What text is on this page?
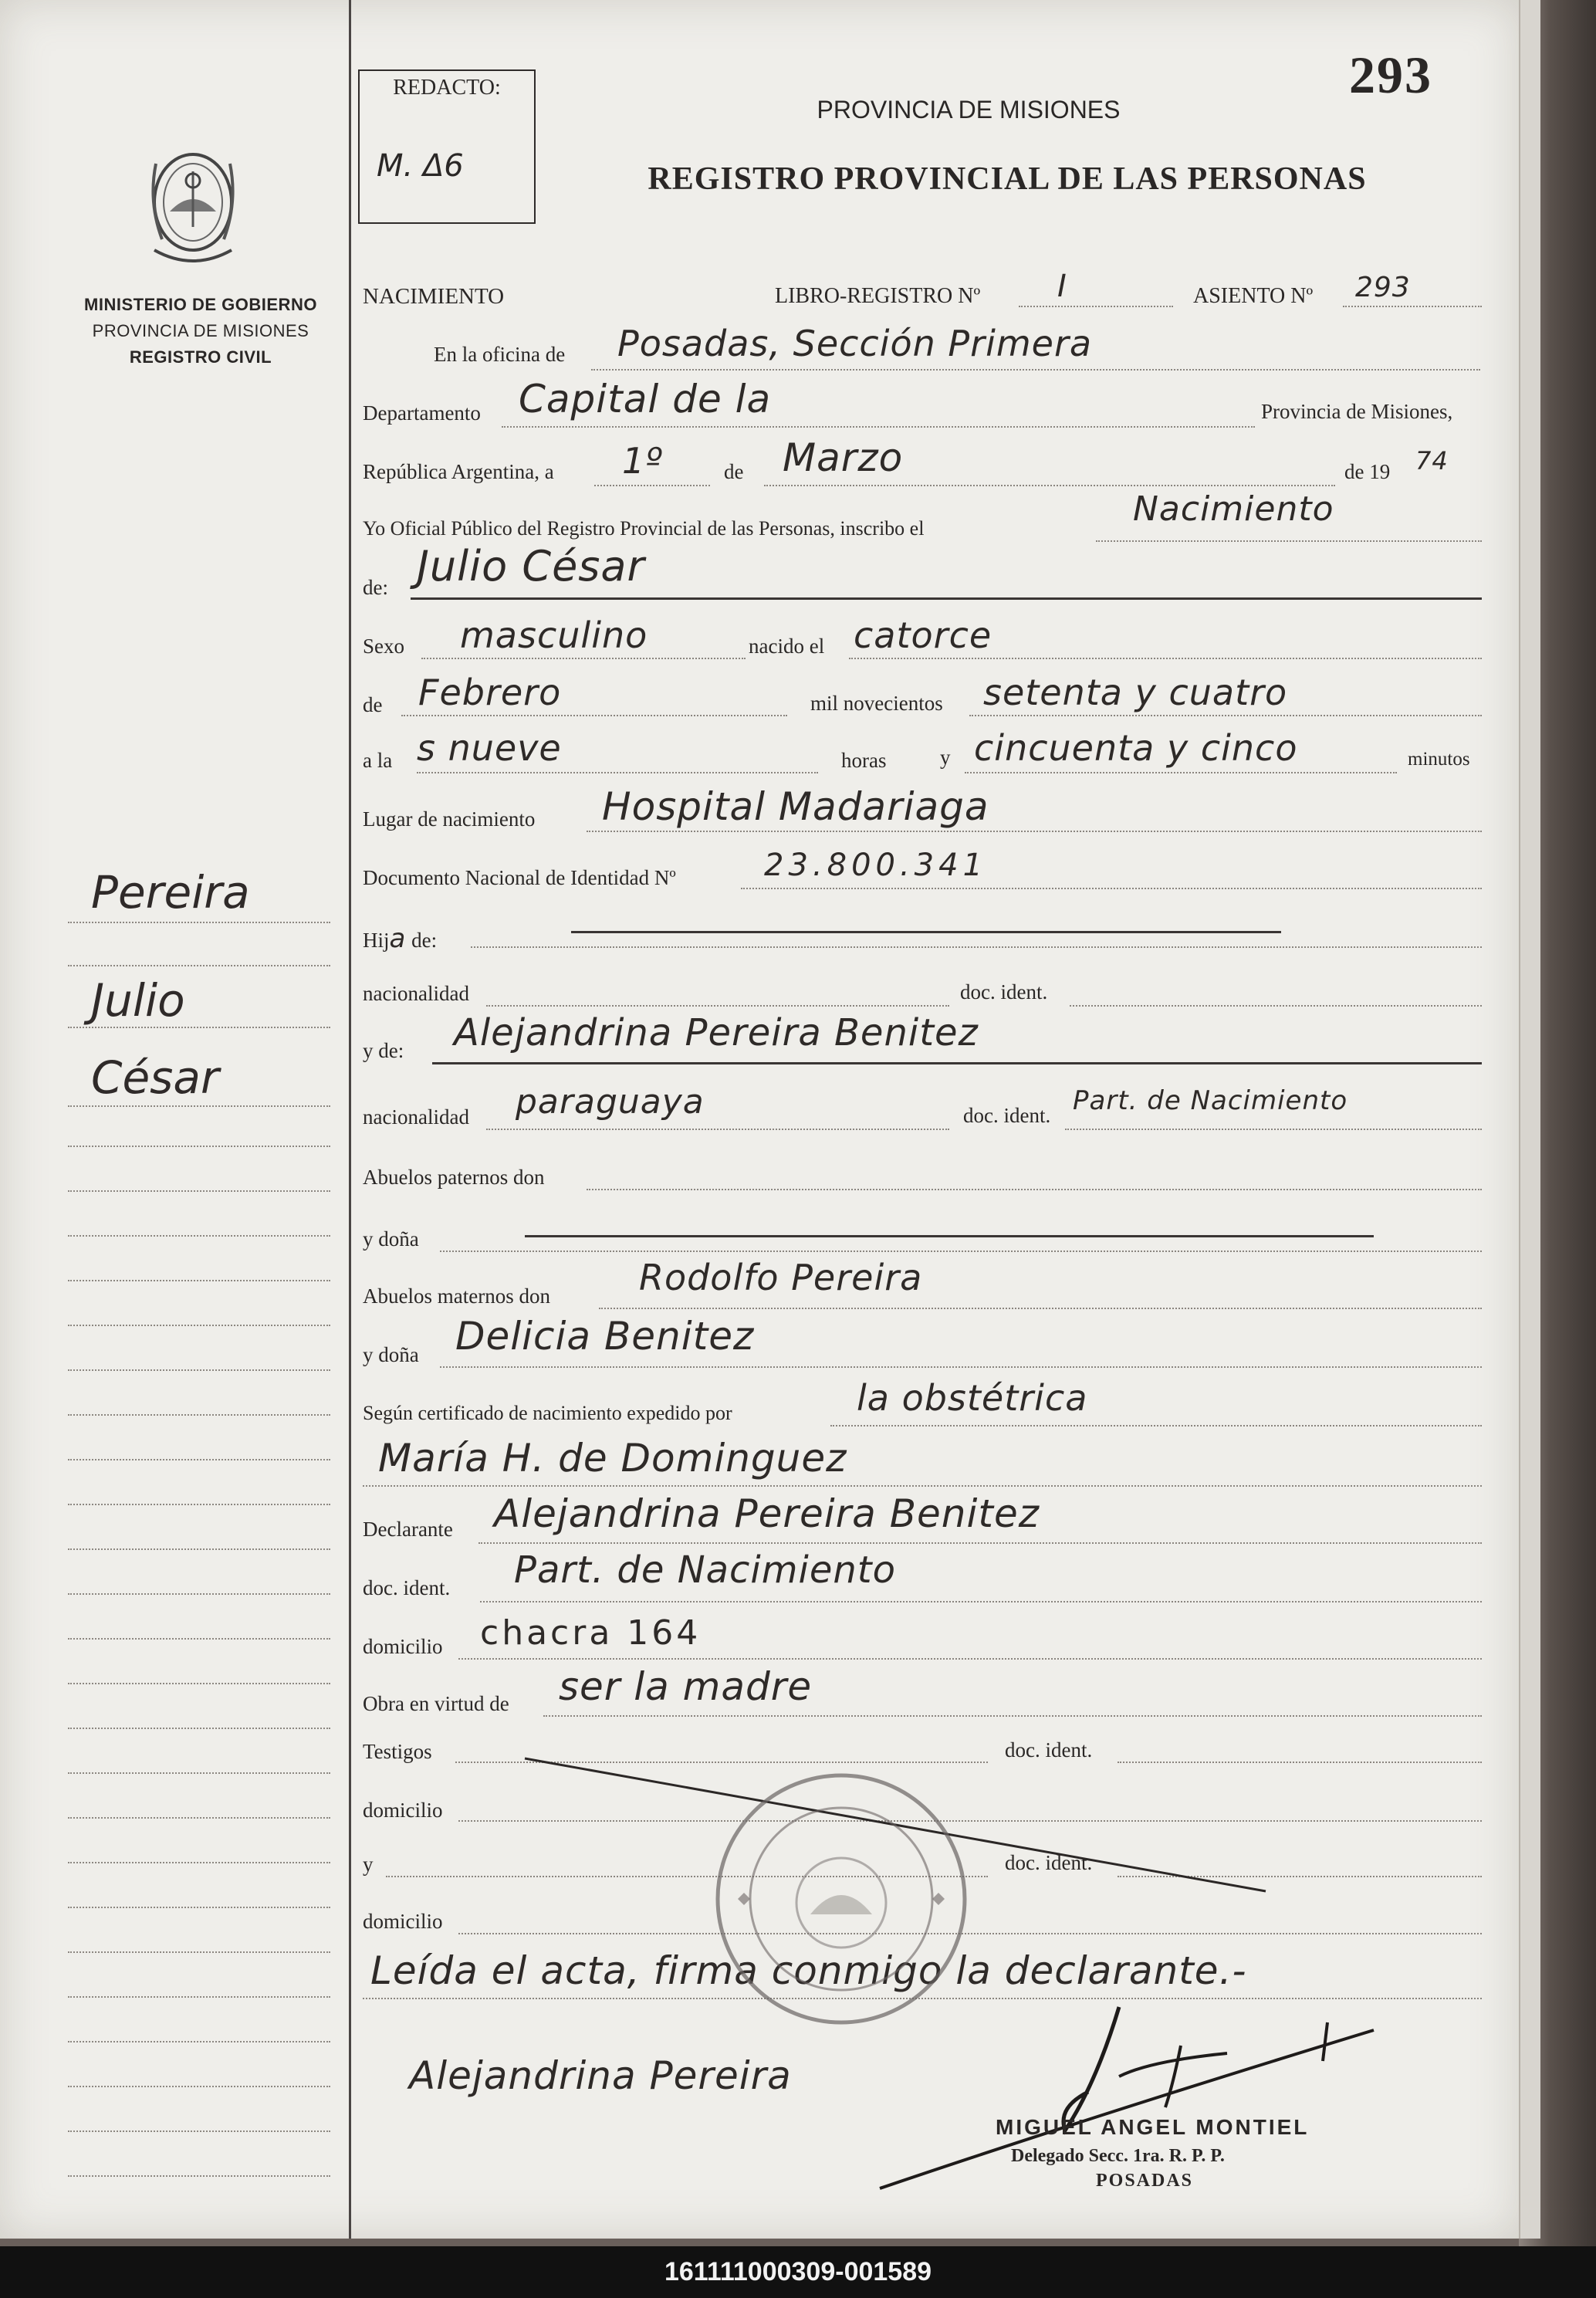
MINISTERIO DE GOBIERNO
PROVINCIA DE MISIONES
REGISTRO CIVIL
Pereira
Julio
César
REDACTO:
M. Δ6
293
PROVINCIA DE MISIONES
REGISTRO PROVINCIAL DE LAS PERSONAS
NACIMIENTO	LIBRO-REGISTRO Nº I	ASIENTO Nº 293
En la oficina de Posadas, Sección Primera
Departamento Capital de la	Provincia de Misiones,
República Argentina, a 1º	de Marzo	de 19 74
Yo Oficial Público del Registro Provincial de las Personas, inscribo el	Nacimiento
de: Julio César
Sexo masculino	nacido el catorce
de Febrero	mil novecientos setenta y cuatro
a la s nueve	horas	y cincuenta y cinco	minutos
Lugar de nacimiento Hospital Madariaga
Documento Nacional de Identidad Nº	23.800.341
Hija de:
nacionalidad	doc. ident.
y de: Alejandrina Pereira Benitez
nacionalidad paraguaya	doc. ident. Part. de Nacimiento
Abuelos paternos don
y doña
Abuelos maternos don	Rodolfo Pereira
y doña Delicia Benitez
Según certificado de nacimiento expedido por	la obstétrica
María H. de Dominguez
Declarante Alejandrina Pereira Benitez
doc. ident. Part. de Nacimiento
domicilio chacra 164
Obra en virtud de ser la madre
Testigos	doc. ident.
domicilio
y	doc. ident.
domicilio
Leída el acta, firma conmigo la declarante.-
Alejandrina Pereira
MIGUEL ANGEL MONTIEL
Delegado Secc. 1ra. R. P. P.
POSADAS
161111000309-001589
